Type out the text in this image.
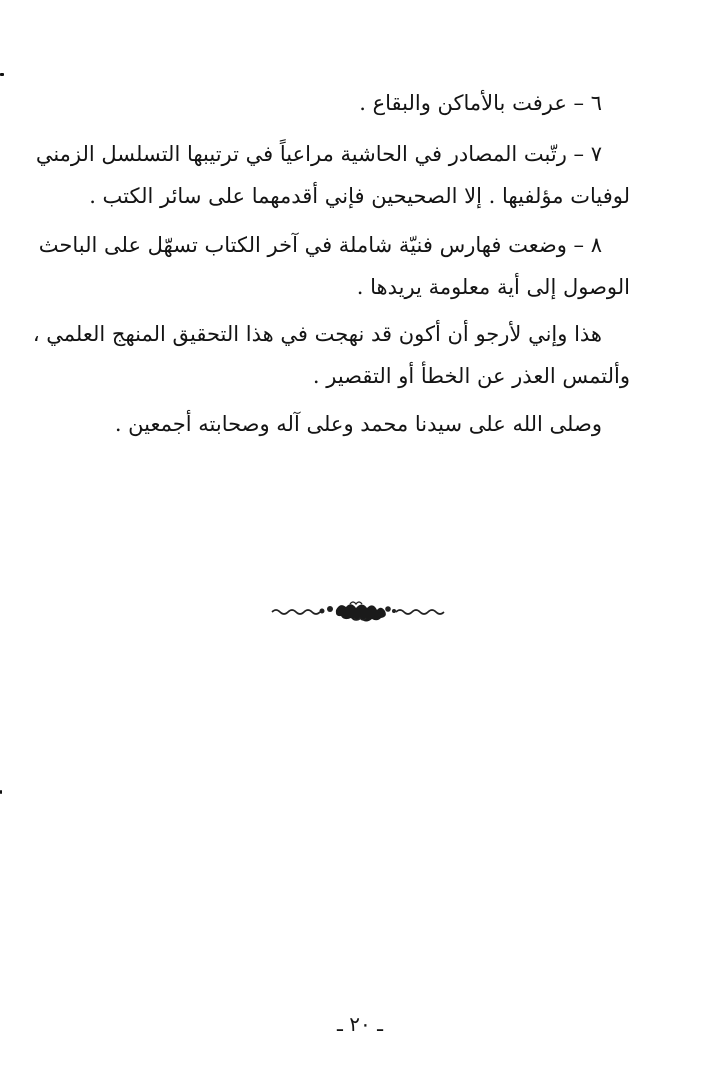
٦ – عرفت بالأماكن والبقاع .

٧ – رتّبت المصادر في الحاشية مراعياً في ترتيبها التسلسل الزمني
لوفيات مؤلفيها . إلا الصحيحين فإني أقدمهما على سائر الكتب .

٨ – وضعت فهارس فنيّة شاملة في آخر الكتاب تسهّل على الباحث
الوصول إلى أية معلومة يريدها .

هذا وإني لأرجو أن أكون قد نهجت في هذا التحقيق المنهج العلمي ،
وألتمس العذر عن الخطأ أو التقصير .

وصلى الله على سيدنا محمد وعلى آله وصحابته أجمعين .

ـ ٢٠ ـ
